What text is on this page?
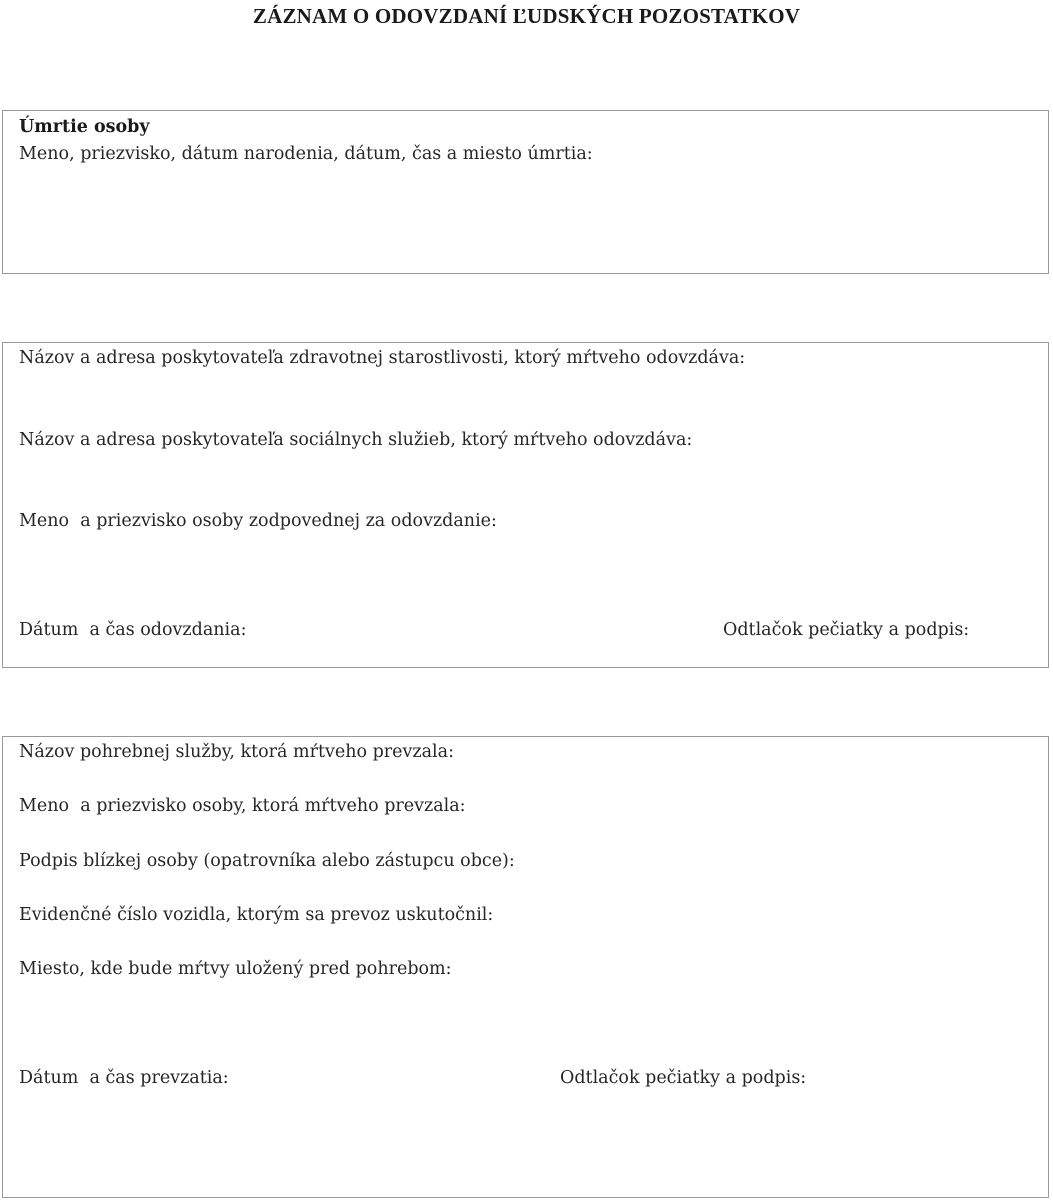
ZÁZNAM O ODOVZDANÍ ĽUDSKÝCH POZOSTATKOV
Úmrtie osoby
Meno, priezvisko, dátum narodenia, dátum, čas a miesto úmrtia:
Názov a adresa poskytovateľa zdravotnej starostlivosti, ktorý mŕtveho odovzdáva:
Názov a adresa poskytovateľa sociálnych služieb, ktorý mŕtveho odovzdáva:
Meno  a priezvisko osoby zodpovednej za odovzdanie:
Dátum  a čas odovzdania:	Odtlačok pečiatky a podpis:
Názov pohrebnej služby, ktorá mŕtveho prevzala:
Meno  a priezvisko osoby, ktorá mŕtveho prevzala:
Podpis blízkej osoby (opatrovníka alebo zástupcu obce):
Evidenčné číslo vozidla, ktorým sa prevoz uskutočnil:
Miesto, kde bude mŕtvy uložený pred pohrebom:
Dátum  a čas prevzatia:	Odtlačok pečiatky a podpis:
